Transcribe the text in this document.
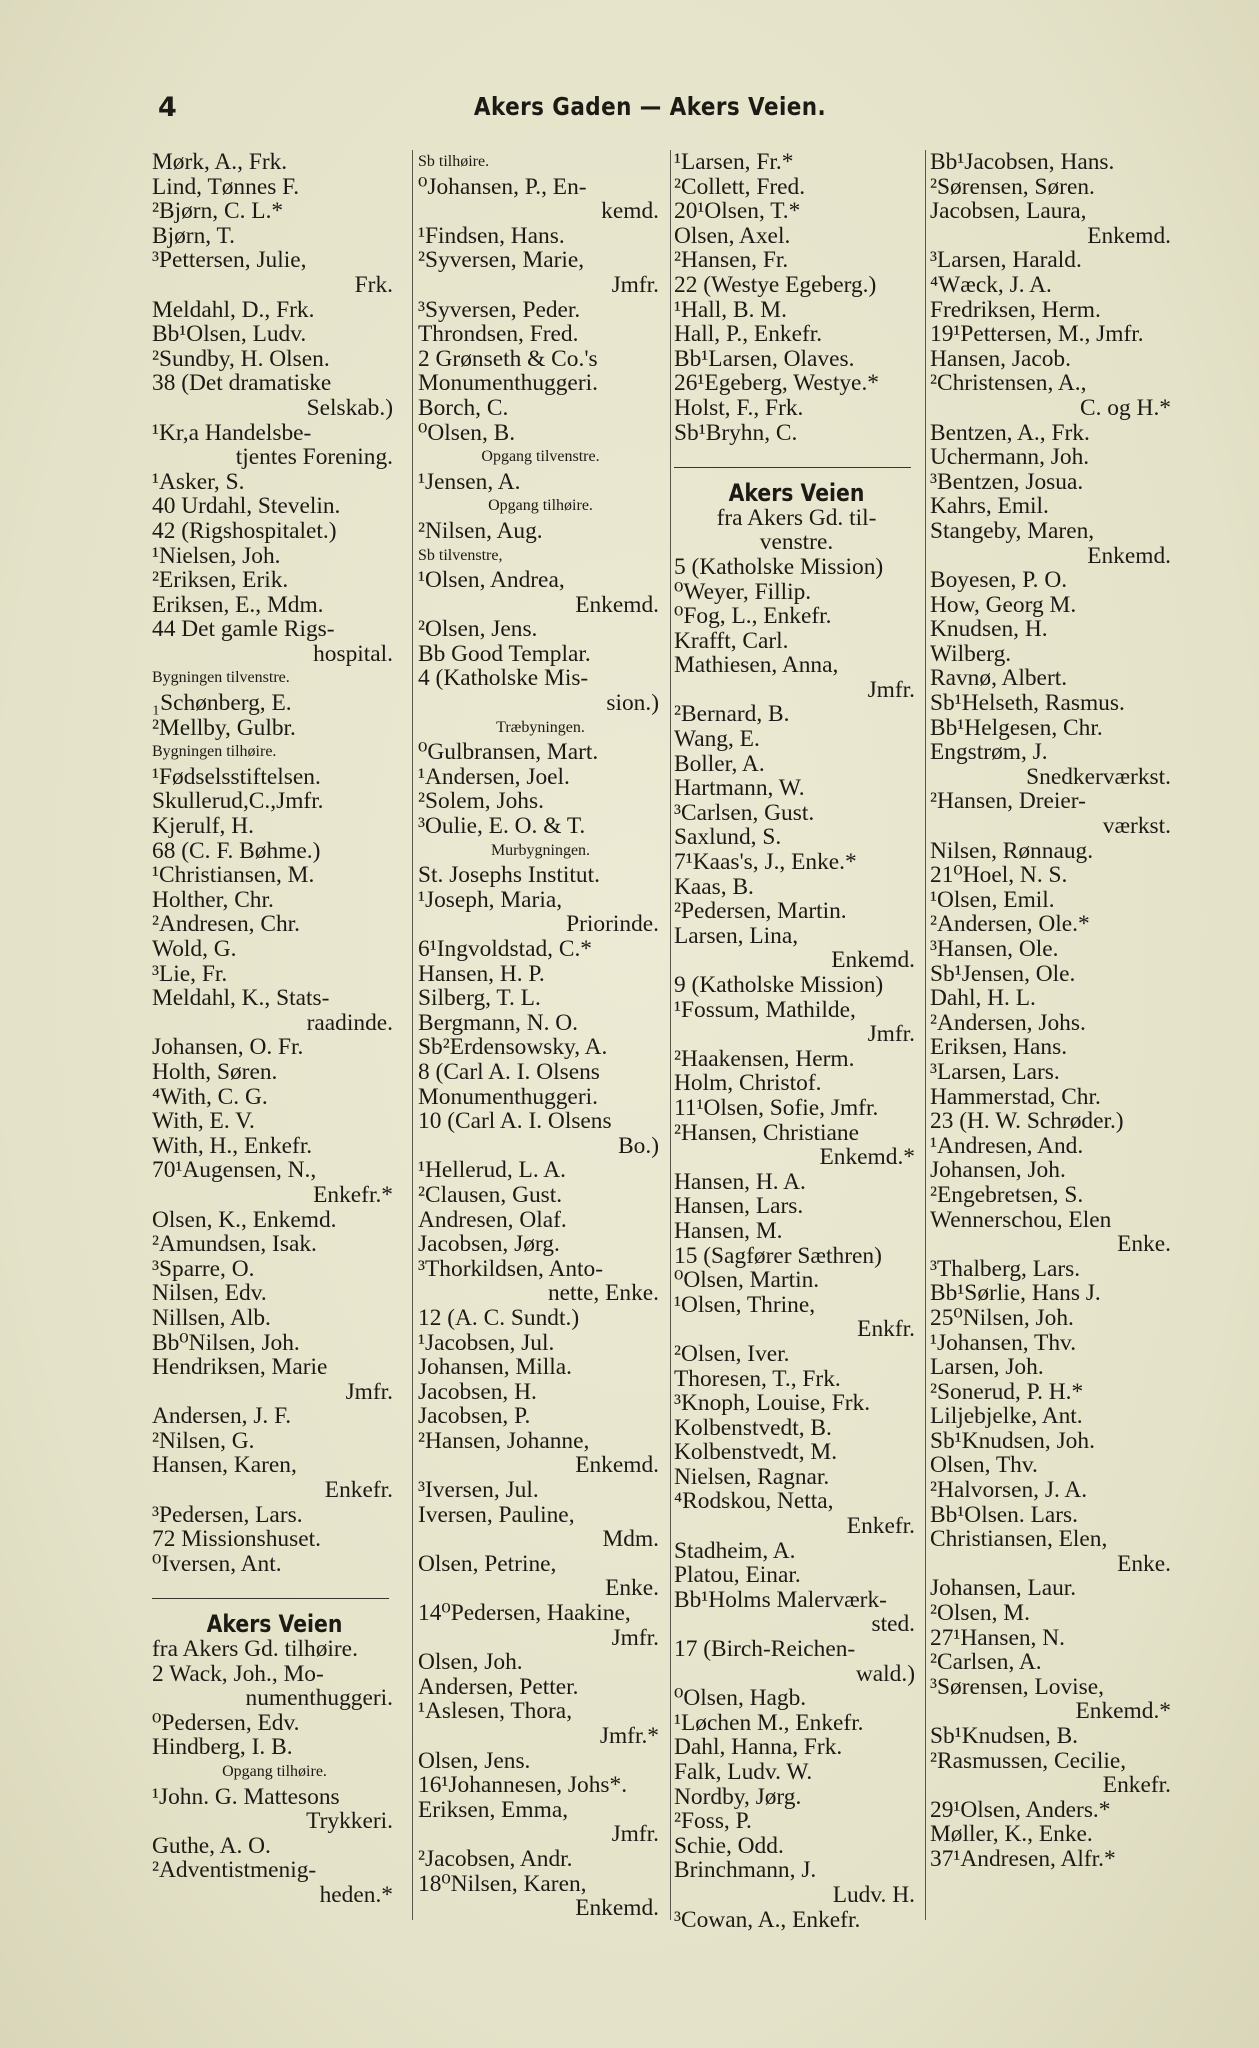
4	Akers Gaden — Akers Veien.
Mørk, A., Frk.
Lind, Tønnes F.
²Bjørn, C. L.*
Bjørn, T.
³Pettersen, Julie,
Frk.
Meldahl, D., Frk.
Bb¹Olsen, Ludv.
²Sundby, H. Olsen.
38 (Det dramatiske
Selskab.)
¹Kr,a Handelsbe-
tjentes Forening.
¹Asker, S.
40 Urdahl, Stevelin.
42 (Rigshospitalet.)
¹Nielsen, Joh.
²Eriksen, Erik.
Eriksen, E., Mdm.
44 Det gamle Rigs-
hospital.
Bygningen tilvenstre.
₁Schønberg, E.
²Mellby, Gulbr.
Bygningen tilhøire.
¹Fødselsstiftelsen.
Skullerud,C.,Jmfr.
Kjerulf, H.
68 (C. F. Bøhme.)
¹Christiansen, M.
Holther, Chr.
²Andresen, Chr.
Wold, G.
³Lie, Fr.
Meldahl, K., Stats-
raadinde.
Johansen, O. Fr.
Holth, Søren.
⁴With, C. G.
With, E. V.
With, H., Enkefr.
70¹Augensen, N.,
Enkefr.*
Olsen, K., Enkemd.
²Amundsen, Isak.
³Sparre, O.
Nilsen, Edv.
Nillsen, Alb.
Bb⁰Nilsen, Joh.
Hendriksen, Marie
Jmfr.
Andersen, J. F.
²Nilsen, G.
Hansen, Karen,
Enkefr.
³Pedersen, Lars.
72 Missionshuset.
⁰Iversen, Ant.
Akers Veien
fra Akers Gd. tilhøire.
2 Wack, Joh., Mo-
numenthuggeri.
⁰Pedersen, Edv.
Hindberg, I. B.
Opgang tilhøire.
¹John. G. Mattesons
Trykkeri.
Guthe, A. O.
²Adventistmenig-
heden.*
Sb tilhøire.
⁰Johansen, P., En-
kemd.
¹Findsen, Hans.
²Syversen, Marie,
Jmfr.
³Syversen, Peder.
Throndsen, Fred.
2 Grønseth & Co.'s
Monumenthuggeri.
Borch, C.
⁰Olsen, B.
Opgang tilvenstre.
¹Jensen, A.
Opgang tilhøire.
²Nilsen, Aug.
Sb tilvenstre,
¹Olsen, Andrea,
Enkemd.
²Olsen, Jens.
Bb Good Templar.
4 (Katholske Mis-
sion.)
Træbyningen.
⁰Gulbransen, Mart.
¹Andersen, Joel.
²Solem, Johs.
³Oulie, E. O. & T.
Murbygningen.
St. Josephs Institut.
¹Joseph, Maria,
Priorinde.
6¹Ingvoldstad, C.*
Hansen, H. P.
Silberg, T. L.
Bergmann, N. O.
Sb²Erdensowsky, A.
8 (Carl A. I. Olsens
Monumenthuggeri.
10 (Carl A. I. Olsens
Bo.)
¹Hellerud, L. A.
²Clausen, Gust.
Andresen, Olaf.
Jacobsen, Jørg.
³Thorkildsen, Anto-
nette, Enke.
12 (A. C. Sundt.)
¹Jacobsen, Jul.
Johansen, Milla.
Jacobsen, H.
Jacobsen, P.
²Hansen, Johanne,
Enkemd.
³Iversen, Jul.
Iversen, Pauline,
Mdm.
Olsen, Petrine,
Enke.
14⁰Pedersen, Haakine,
Jmfr.
Olsen, Joh.
Andersen, Petter.
¹Aslesen, Thora,
Jmfr.*
Olsen, Jens.
16¹Johannesen, Johs*.
Eriksen, Emma,
Jmfr.
²Jacobsen, Andr.
18⁰Nilsen, Karen,
Enkemd.
¹Larsen, Fr.*
²Collett, Fred.
20¹Olsen, T.*
Olsen, Axel.
²Hansen, Fr.
22 (Westye Egeberg.)
¹Hall, B. M.
Hall, P., Enkefr.
Bb¹Larsen, Olaves.
26¹Egeberg, Westye.*
Holst, F., Frk.
Sb¹Bryhn, C.
Akers Veien
fra Akers Gd. til-
venstre.
5 (Katholske Mission)
⁰Weyer, Fillip.
⁰Fog, L., Enkefr.
Krafft, Carl.
Mathiesen, Anna,
Jmfr.
²Bernard, B.
Wang, E.
Boller, A.
Hartmann, W.
³Carlsen, Gust.
Saxlund, S.
7¹Kaas's, J., Enke.*
Kaas, B.
²Pedersen, Martin.
Larsen, Lina,
Enkemd.
9 (Katholske Mission)
¹Fossum, Mathilde,
Jmfr.
²Haakensen, Herm.
Holm, Christof.
11¹Olsen, Sofie, Jmfr.
²Hansen, Christiane
Enkemd.*
Hansen, H. A.
Hansen, Lars.
Hansen, M.
15 (Sagfører Sæthren)
⁰Olsen, Martin.
¹Olsen, Thrine,
Enkfr.
²Olsen, Iver.
Thoresen, T., Frk.
³Knoph, Louise, Frk.
Kolbenstvedt, B.
Kolbenstvedt, M.
Nielsen, Ragnar.
⁴Rodskou, Netta,
Enkefr.
Stadheim, A.
Platou, Einar.
Bb¹Holms Malerværk-
sted.
17 (Birch-Reichen-
wald.)
⁰Olsen, Hagb.
¹Løchen M., Enkefr.
Dahl, Hanna, Frk.
Falk, Ludv. W.
Nordby, Jørg.
²Foss, P.
Schie, Odd.
Brinchmann, J.
Ludv. H.
³Cowan, A., Enkefr.
Bb¹Jacobsen, Hans.
²Sørensen, Søren.
Jacobsen, Laura,
Enkemd.
³Larsen, Harald.
⁴Wæck, J. A.
Fredriksen, Herm.
19¹Pettersen, M., Jmfr.
Hansen, Jacob.
²Christensen, A.,
C. og H.*
Bentzen, A., Frk.
Uchermann, Joh.
³Bentzen, Josua.
Kahrs, Emil.
Stangeby, Maren,
Enkemd.
Boyesen, P. O.
How, Georg M.
Knudsen, H.
Wilberg.
Ravnø, Albert.
Sb¹Helseth, Rasmus.
Bb¹Helgesen, Chr.
Engstrøm, J.
Snedkerværkst.
²Hansen, Dreier-
værkst.
Nilsen, Rønnaug.
21⁰Hoel, N. S.
¹Olsen, Emil.
²Andersen, Ole.*
³Hansen, Ole.
Sb¹Jensen, Ole.
Dahl, H. L.
²Andersen, Johs.
Eriksen, Hans.
³Larsen, Lars.
Hammerstad, Chr.
23 (H. W. Schrøder.)
¹Andresen, And.
Johansen, Joh.
²Engebretsen, S.
Wennerschou, Elen
Enke.
³Thalberg, Lars.
Bb¹Sørlie, Hans J.
25⁰Nilsen, Joh.
¹Johansen, Thv.
Larsen, Joh.
²Sonerud, P. H.*
Liljebjelke, Ant.
Sb¹Knudsen, Joh.
Olsen, Thv.
²Halvorsen, J. A.
Bb¹Olsen. Lars.
Christiansen, Elen,
Enke.
Johansen, Laur.
²Olsen, M.
27¹Hansen, N.
²Carlsen, A.
³Sørensen, Lovise,
Enkemd.*
Sb¹Knudsen, B.
²Rasmussen, Cecilie,
Enkefr.
29¹Olsen, Anders.*
Møller, K., Enke.
37¹Andresen, Alfr.*
